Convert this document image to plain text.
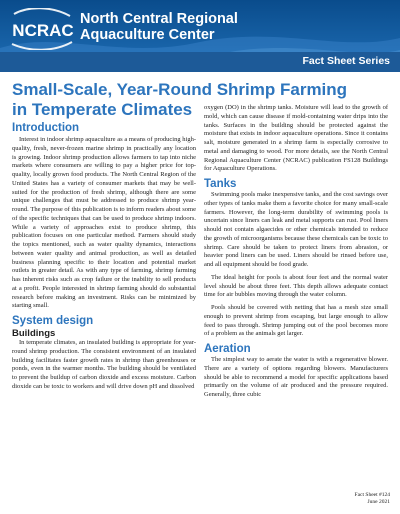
NCRAC
North Central Regional
Aquaculture Center
Fact Sheet Series
Small-Scale, Year-Round Shrimp Farming
in Temperate Climates
Introduction

Interest in indoor shrimp aquaculture as a means of producing high-quality, fresh, never-frozen marine shrimp in practically any location is growing. Indoor shrimp production allows farmers to tap into niche markets where consumers are willing to pay a higher price for top-quality, locally grown food products. The North Central Region of the United States has a variety of consumer markets that may be well-suited for the production of fresh shrimp, although there are some unique challenges that must be addressed to produce shrimp year-round. The purpose of this publication is to inform readers about some of the specific techniques that can be used to produce shrimp indoors. While a variety of approaches exist to produce shrimp, this publication focuses on one particular method. Farmers should study the topics mentioned, such as water quality dynamics, interactions between water quality and animal production, as well as detailed business planning specific to their location and potential market outlets in greater detail. As with any type of farming, shrimp farming has inherent risks such as crop failure or the inability to sell products at a profit. People interested in shrimp farming should do substantial research before making an investment. Risks can be minimized by starting small.

System design
Buildings

In temperate climates, an insulated building is appropriate for year-round shrimp production. The consistent environment of an insulated building facilitates faster growth rates in shrimp than greenhouses or ponds, even in the warmer months. The building should be ventilated to prevent the buildup of carbon dioxide and excess moisture. Carbon dioxide can be toxic to workers and will drive down pH and dissolved

oxygen (DO) in the shrimp tanks. Moisture will lead to the growth of mold, which can cause disease if mold-containing water drips into the tanks. Surfaces in the building should be protected against the moisture that exists in indoor aquaculture operations. Since it contains salt, moisture generated in a shrimp farm is especially corrosive to metal and damaging to wood. For more details, see the North Central Regional Aquaculture Center (NCRAC) publication FS128 Buildings for Aquaculture Operations.

Tanks

Swimming pools make inexpensive tanks, and the cost savings over other types of tanks make them a favorite choice for many small-scale farmers. However, the long-term durability of swimming pools is uncertain since liners can leak and metal supports can rust. Pool liners should not contain algaecides or other chemicals intended to reduce the growth of microorganisms because these chemicals can be toxic to shrimp. Care should be taken to protect liners from abrasion, or heavier pond liners can be used. Liners should be rinsed before use, and all equipment should be food grade.

The ideal height for pools is about four feet and the normal water level should be about three feet. This depth allows adequate contact time for air bubbles moving through the water column.

Pools should be covered with netting that has a mesh size small enough to prevent shrimp from escaping, but large enough to allow feed to pass through. Shrimp jumping out of the pool becomes more of a problem as the animals get larger.

Aeration

The simplest way to aerate the water is with a regenerative blower. There are a variety of options regarding blowers. Manufacturers should be able to recommend a model for specific applications based primarily on the volume of air produced and the pressure required. Generally, three cubic

Fact Sheet #124
June 2021
